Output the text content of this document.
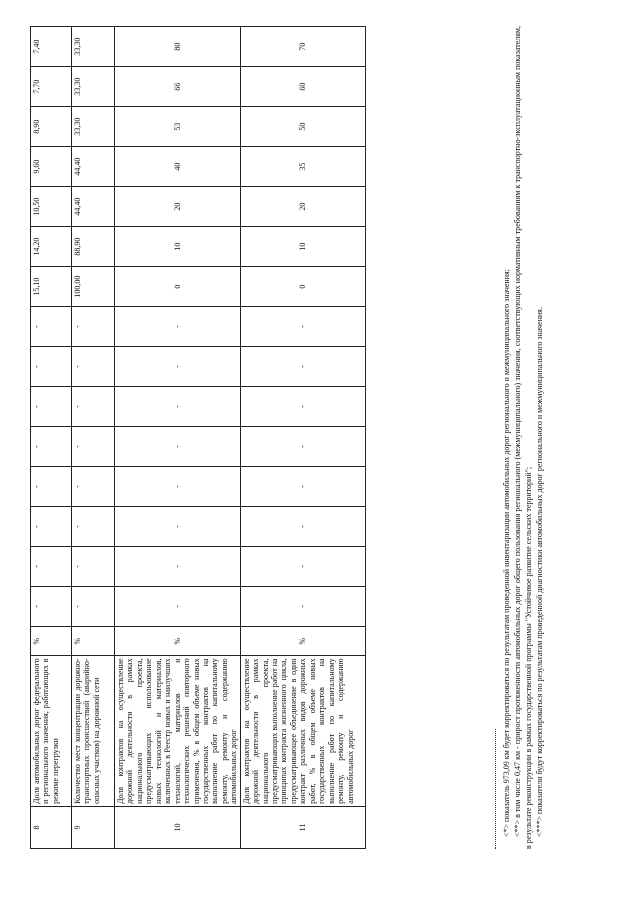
8	Доля автомобильных дорог федерального и регионального значения, работающих в режиме перегрузки	%	-	-	-	-	-	-	-	-	15,10	14,20	10,50	9,60	8,90	7,70	7,40
9	Количество мест концентрации дорожно-транспортных происшествий (аварийно-опасных участков) на дорожной сети	%	-	-	-	-	-	-	-	-	100,00	88,90	44,40	44,40	33,30	33,30	33,30
10	Доля контрактов на осуществление дорожной деятельности в рамках национального проекта, предусматривающих использование новых технологий и материалов, включенных в Реестр новых и наилучших технологий, материалов и технологических решений повторного применения, % в общем объеме новых государственных контрактов на выполнение работ по капитальному ремонту, ремонту и содержанию автомобильных дорог	%	-	-	-	-	-	-	-	-	0	10	20	40	53	66	80
11	Доля контрактов на осуществление дорожной деятельности в рамках национального проекта, предусматривающих выполнение работ на принципах контракта жизненного цикла, предусматривающее объединение в один контракт различных видов дорожных работ, % в общем объеме новых государственных контрактов на выполнение работ по капитальному ремонту, ремонту и содержанию автомобильных дорог	%	-	-	-	-	-	-	-	-	0	10	20	35	50	60	70

<*> показатель 973,09 км будет корректироваться по результатам проведенной инвентаризации автомобильных дорог регионального и межмуниципального значения; <**> в том числе 0,47 км - прирост протяженности автомобильных дорог общего пользования регионального (межмуниципального) значения, соответствующих нормативным требованиям к транспортно-эксплуатационным показателям, в результате реконструкции в рамках государственной программы "Устойчивое развитие сельских территорий"; <***> показатели будут корректироваться по результатам проведенной диагностики автомобильных дорог регионального и межмуниципального значения.
